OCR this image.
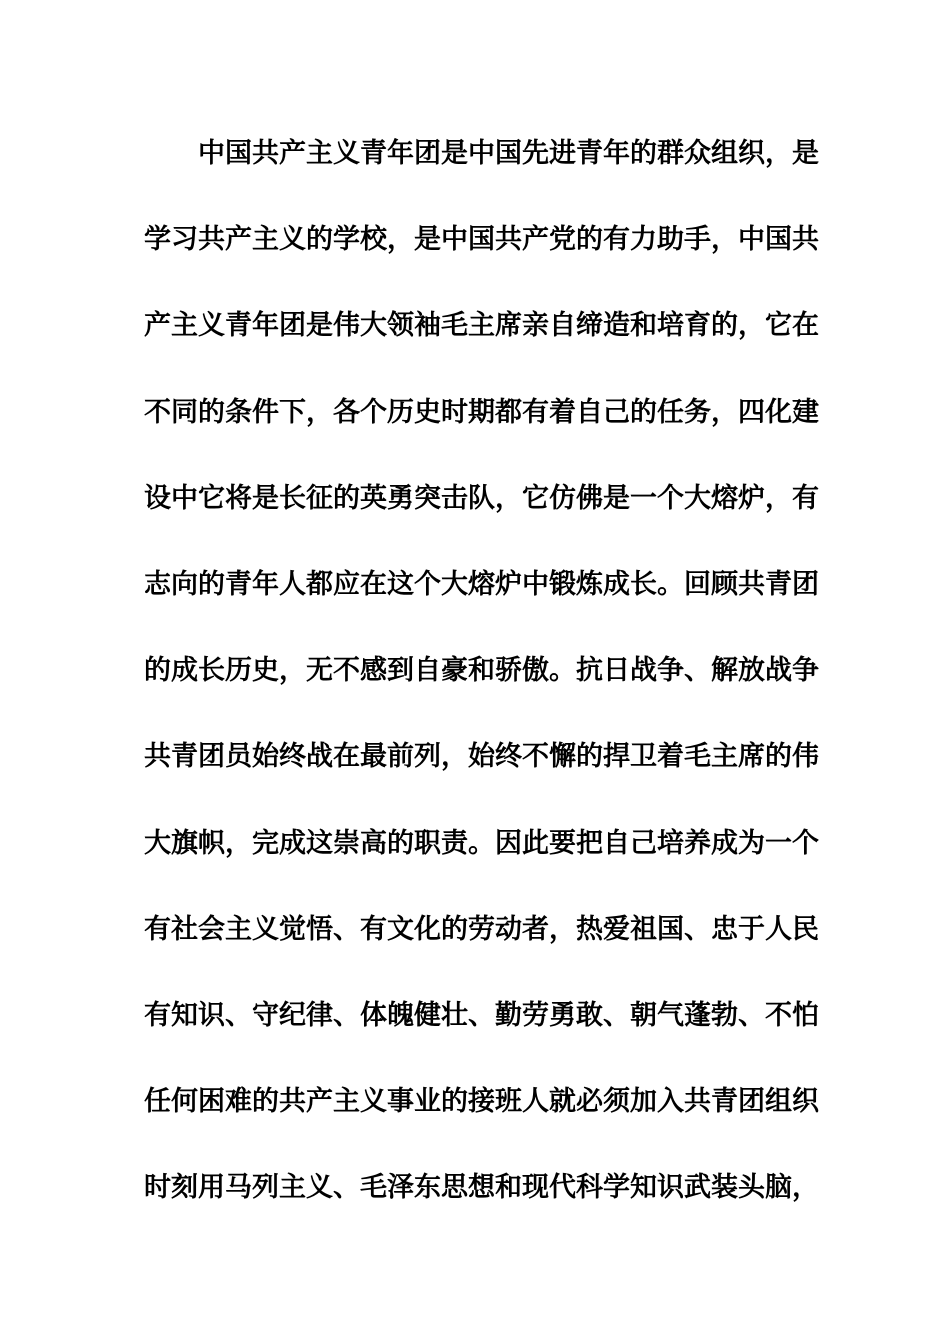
中国共产主义青年团是中国先进青年的群众组织，是
学习共产主义的学校，是中国共产党的有力助手，中国共
产主义青年团是伟大领袖毛主席亲自缔造和培育的，它在
不同的条件下，各个历史时期都有着自己的任务，四化建
设中它将是长征的英勇突击队，它仿佛是一个大熔炉，有
志向的青年人都应在这个大熔炉中锻炼成长。回顾共青团
的成长历史，无不感到自豪和骄傲。抗日战争、解放战争
共青团员始终战在最前列，始终不懈的捍卫着毛主席的伟
大旗帜，完成这崇高的职责。因此要把自己培养成为一个
有社会主义觉悟、有文化的劳动者，热爱祖国、忠于人民
有知识、守纪律、体魄健壮、勤劳勇敢、朝气蓬勃、不怕
任何困难的共产主义事业的接班人就必须加入共青团组织
时刻用马列主义、毛泽东思想和现代科学知识武装头脑，
